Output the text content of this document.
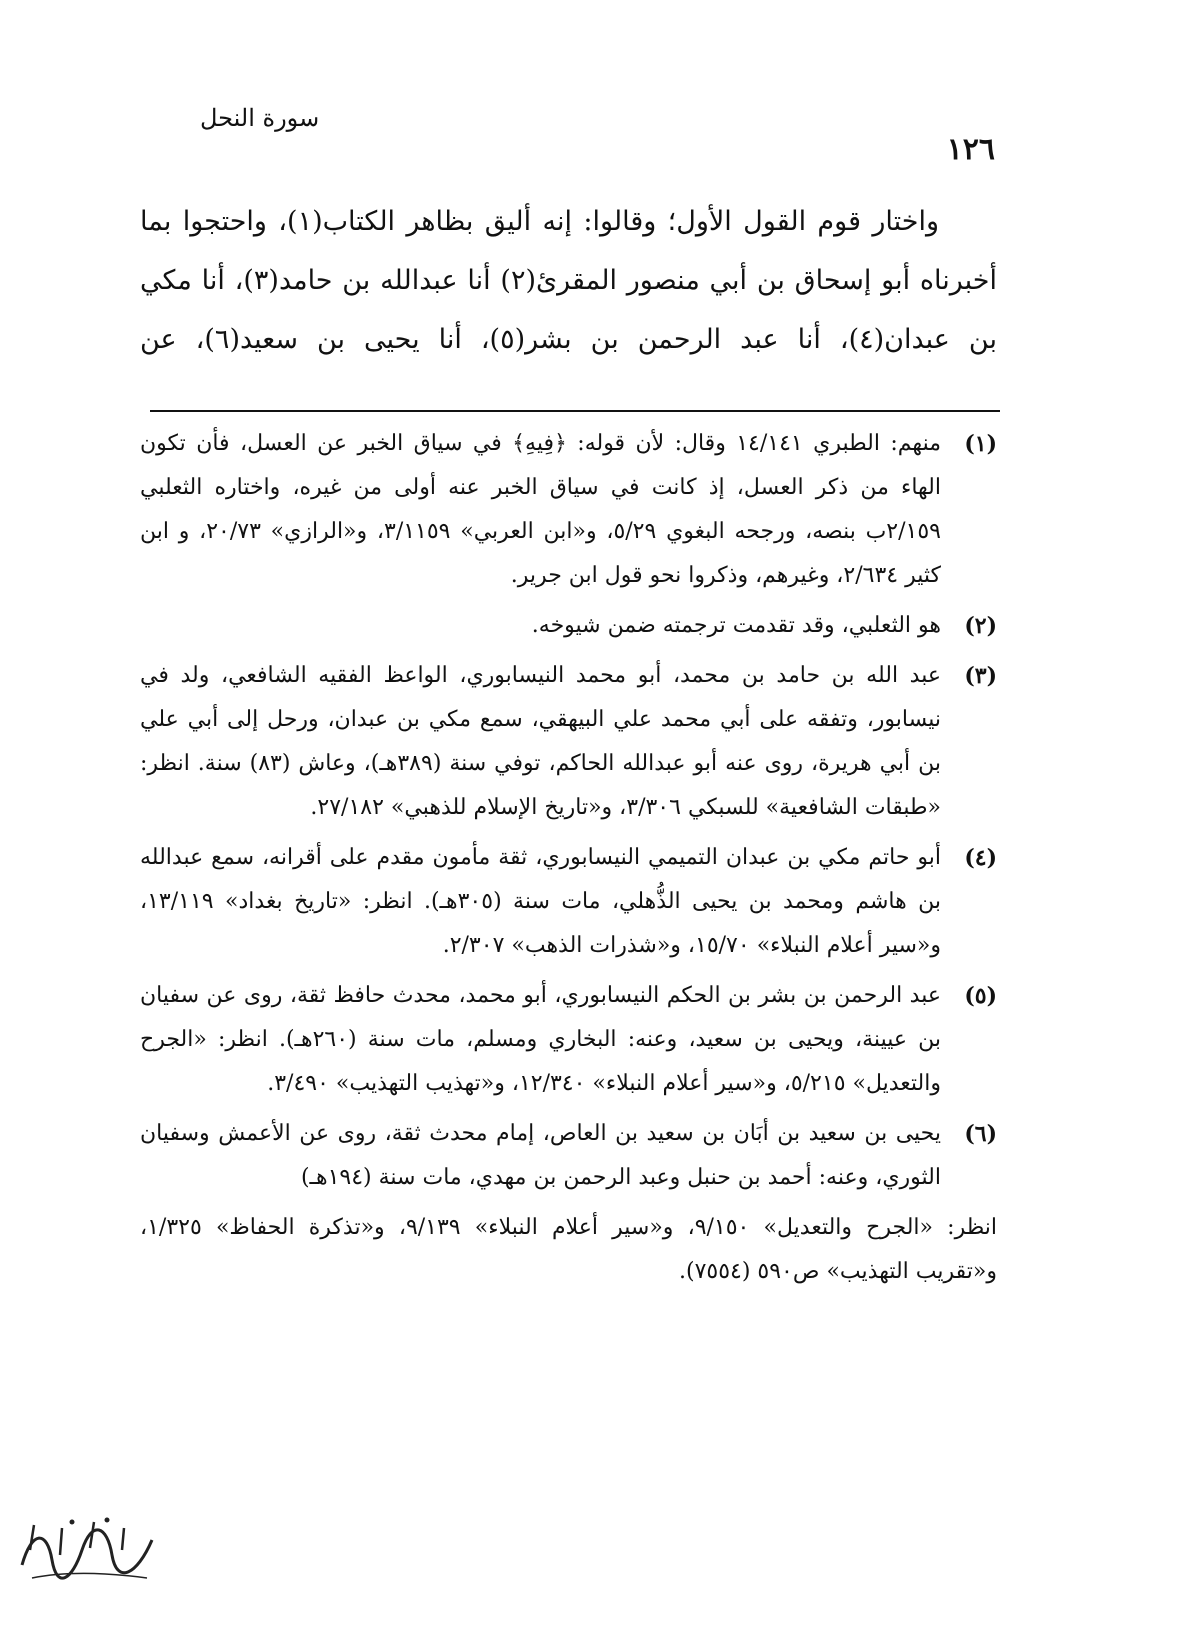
سورة النحل
١٢٦

واختار قوم القول الأول؛ وقالوا: إنه أليق بظاهر الكتاب(١)، واحتجوا بما أخبرناه أبو إسحاق بن أبي منصور المقرئ(٢) أنا عبدالله بن حامد(٣)، أنا مكي بن عبدان(٤)، أنا عبد الرحمن بن بشر(٥)، أنا يحيى بن سعيد(٦)، عن

(١)
منهم: الطبري ١٤/١٤١ وقال: لأن قوله: ﴿فِيهِ﴾ في سياق الخبر عن العسل، فأن تكون الهاء من ذكر العسل، إذ كانت في سياق الخبر عنه أولى من غيره، واختاره الثعلبي ٢/١٥٩ب بنصه، ورجحه البغوي ٥/٢٩، و«ابن العربي» ٣/١١٥٩، و«الرازي» ٢٠/٧٣، و ابن كثير ٢/٦٣٤، وغيرهم، وذكروا نحو قول ابن جرير.
(٢)
هو الثعلبي، وقد تقدمت ترجمته ضمن شيوخه.
(٣)
عبد الله بن حامد بن محمد، أبو محمد النيسابوري، الواعظ الفقيه الشافعي، ولد في نيسابور، وتفقه على أبي محمد علي البيهقي، سمع مكي بن عبدان، ورحل إلى أبي علي بن أبي هريرة، روى عنه أبو عبدالله الحاكم، توفي سنة (٣٨٩هـ)، وعاش (٨٣) سنة. انظر: «طبقات الشافعية» للسبكي ٣/٣٠٦، و«تاريخ الإسلام للذهبي» ٢٧/١٨٢.
(٤)
أبو حاتم مكي بن عبدان التميمي النيسابوري، ثقة مأمون مقدم على أقرانه، سمع عبدالله بن هاشم ومحمد بن يحيى الذُّهلي، مات سنة (٣٠٥هـ). انظر: «تاريخ بغداد» ١٣/١١٩، و«سير أعلام النبلاء» ١٥/٧٠، و«شذرات الذهب» ٢/٣٠٧.
(٥)
عبد الرحمن بن بشر بن الحكم النيسابوري، أبو محمد، محدث حافظ ثقة، روى عن سفيان بن عيينة، ويحيى بن سعيد، وعنه: البخاري ومسلم، مات سنة (٢٦٠هـ). انظر: «الجرح والتعديل» ٥/٢١٥، و«سير أعلام النبلاء» ١٢/٣٤٠، و«تهذيب التهذيب» ٣/٤٩٠.
(٦)
يحيى بن سعيد بن أبَان بن سعيد بن العاص، إمام محدث ثقة، روى عن الأعمش وسفيان الثوري، وعنه: أحمد بن حنبل وعبد الرحمن بن مهدي، مات سنة (١٩٤هـ)

انظر: «الجرح والتعديل» ٩/١٥٠، و«سير أعلام النبلاء» ٩/١٣٩، و«تذكرة الحفاظ» ١/٣٢٥، و«تقريب التهذيب» ص٥٩٠ (٧٥٥٤).
